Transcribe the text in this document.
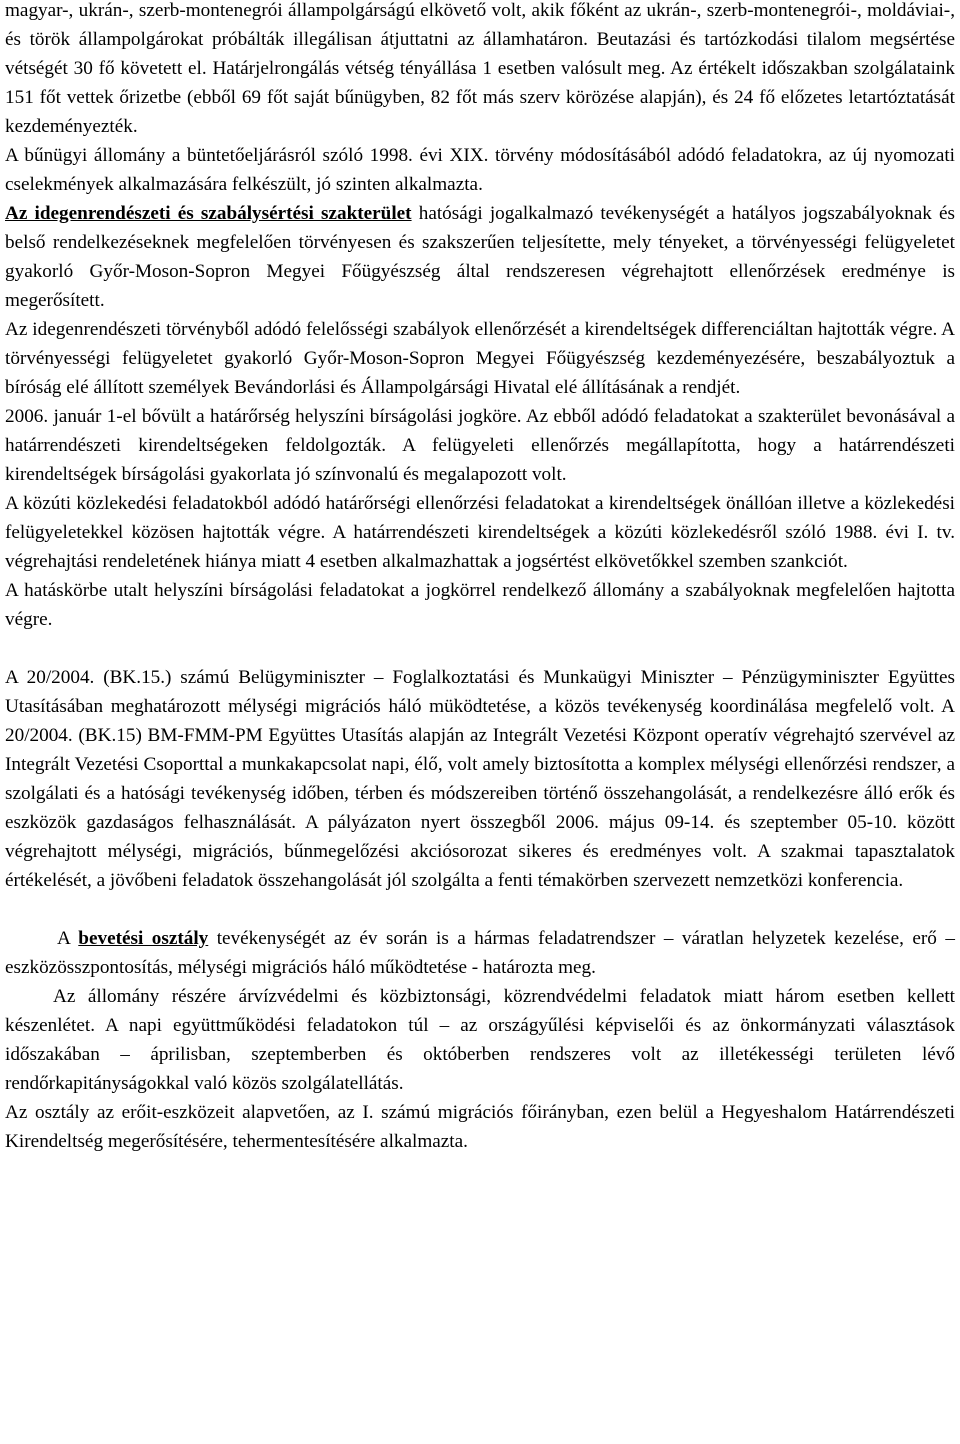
magyar-, ukrán-, szerb-montenegrói állampolgárságú elkövető volt, akik főként az ukrán-, szerb-montenegrói-, moldáviai-, és török állampolgárokat próbálták illegálisan átjuttatni az államhatáron. Beutazási és tartózkodási tilalom megsértése vétségét 30 fő követett el. Határjelrongálás vétség tényállása 1 esetben valósult meg. Az értékelt időszakban szolgálataink 151 főt vettek őrizetbe (ebből 69 főt saját bűnügyben, 82 főt más szerv körözése alapján), és 24 fő előzetes letartóztatását kezdeményezték.

A bűnügyi állomány a büntetőeljárásról szóló 1998. évi XIX. törvény módosításából adódó feladatokra, az új nyomozati cselekmények alkalmazására felkészült, jó szinten alkalmazta.

Az idegenrendészeti és szabálysértési szakterület hatósági jogalkalmazó tevékenységét a hatályos jogszabályoknak és belső rendelkezéseknek megfelelően törvényesen és szakszerűen teljesítette, mely tényeket, a törvényességi felügyeletet gyakorló Győr-Moson-Sopron Megyei Főügyészség által rendszeresen végrehajtott ellenőrzések eredménye is megerősített.

Az idegenrendészeti törvényből adódó felelősségi szabályok ellenőrzését a kirendeltségek differenciáltan hajtották végre. A törvényességi felügyeletet gyakorló Győr-Moson-Sopron Megyei Főügyészség kezdeményezésére, beszabályoztuk a bíróság elé állított személyek Bevándorlási és Állampolgársági Hivatal elé állításának a rendjét.

2006. január 1-el bővült a határőrség helyszíni bírságolási jogköre. Az ebből adódó feladatokat a szakterület bevonásával a határrendészeti kirendeltségeken feldolgozták. A felügyeleti ellenőrzés megállapította, hogy a határrendészeti kirendeltségek bírságolási gyakorlata jó színvonalú és megalapozott volt.

A közúti közlekedési feladatokból adódó határőrségi ellenőrzési feladatokat a kirendeltségek önállóan illetve a közlekedési felügyeletekkel közösen hajtották végre. A határrendészeti kirendeltségek a közúti közlekedésről szóló 1988. évi I. tv. végrehajtási rendeletének hiánya miatt 4 esetben alkalmazhattak a jogsértést elkövetőkkel szemben szankciót.

A hatáskörbe utalt helyszíni bírságolási feladatokat a jogkörrel rendelkező állomány a szabályoknak megfelelően hajtotta végre.

A 20/2004. (BK.15.) számú Belügyminiszter – Foglalkoztatási és Munkaügyi Miniszter – Pénzügyminiszter Együttes Utasításában meghatározott mélységi migrációs háló müködtetése, a közös tevékenység koordinálása megfelelő volt. A 20/2004. (BK.15) BM-FMM-PM Együttes Utasítás alapján az Integrált Vezetési Központ operatív végrehajtó szervével az Integrált Vezetési Csoporttal a munkakapcsolat napi, élő, volt amely biztosította a komplex mélységi ellenőrzési rendszer, a szolgálati és a hatósági tevékenység időben, térben és módszereiben történő összehangolását, a rendelkezésre álló erők és eszközök gazdaságos felhasználását. A pályázaton nyert összegből 2006. május 09-14. és szeptember 05-10. között végrehajtott mélységi, migrációs, bűnmegelőzési akciósorozat sikeres és eredményes volt. A szakmai tapasztalatok értékelését, a jövőbeni feladatok összehangolását jól szolgálta a fenti témakörben szervezett nemzetközi konferencia.

A bevetési osztály tevékenységét az év során is a hármas feladatrendszer – váratlan helyzetek kezelése, erő – eszközösszpontosítás, mélységi migrációs háló működtetése - határozta meg.

Az állomány részére árvízvédelmi és közbiztonsági, közrendvédelmi feladatok miatt három esetben kellett készenlétet. A napi együttműködési feladatokon túl – az országyűlési képviselői és az önkormányzati választások időszakában – áprilisban, szeptemberben és októberben rendszeres volt az illetékességi területen lévő rendőrkapitányságokkal való közös szolgálatellátás.

Az osztály az erőit-eszközeit alapvetően, az I. számú migrációs főirányban, ezen belül a Hegyeshalom Határrendészeti Kirendeltség megerősítésére, tehermentesítésére alkalmazta.
